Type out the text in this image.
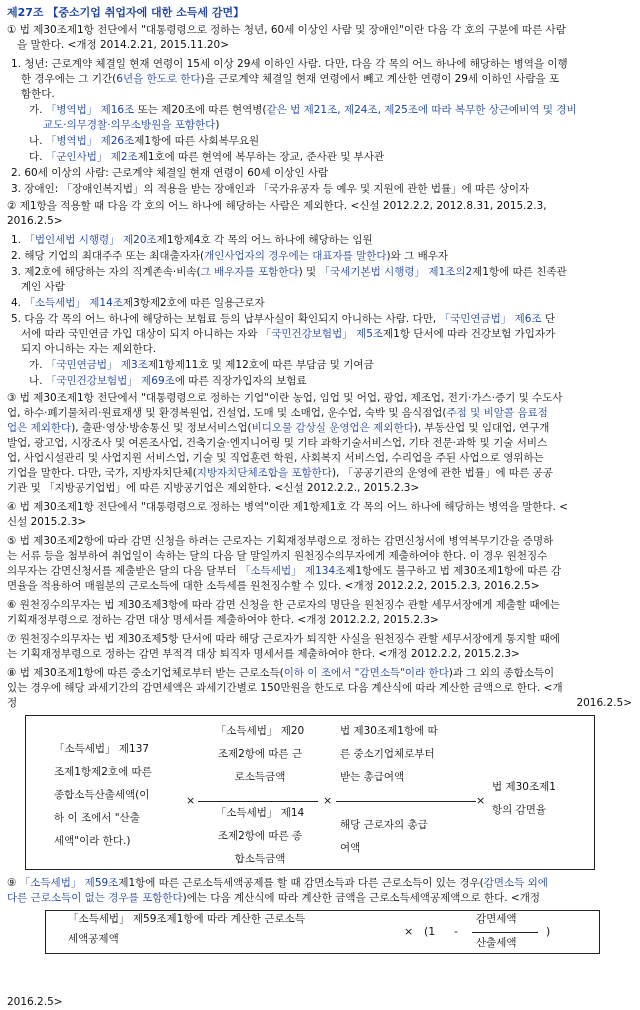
제27조 【중소기업 취업자에 대한 소득세 감면】

① 법 제30조제1항 전단에서 "대통령령으로 정하는 청년, 60세 이상인 사람 및 장애인"이란 다음 각 호의 구분에 따른 사람

을 말한다. <개정 2014.2.21, 2015.11.20>

1. 청년: 근로계약 체결일 현재 연령이 15세 이상 29세 이하인 사람. 다만, 다음 각 목의 어느 하나에 해당하는 병역을 이행

한 경우에는 그 기간(6년을 한도로 한다)을 근로계약 체결일 현재 연령에서 빼고 계산한 연령이 29세 이하인 사람을 포

함한다.

가. 「병역법」 제16조 또는 제20조에 따른 현역병(같은 법 제21조, 제24조, 제25조에 따라 복무한 상근예비역 및 경비

교도·의무경찰·의무소방원을 포함한다)

나. 「병역법」 제26조제1항에 따른 사회복무요원

다. 「군인사법」 제2조제1호에 따른 현역에 복무하는 장교, 준사관 및 부사관

2. 60세 이상의 사람: 근로계약 체결일 현재 연령이 60세 이상인 사람

3. 장애인: 「장애인복지법」의 적용을 받는 장애인과 「국가유공자 등 예우 및 지원에 관한 법률」에 따른 상이자

② 제1항을 적용할 때 다음 각 호의 어느 하나에 해당하는 사람은 제외한다. <신설 2012.2.2, 2012.8.31, 2015.2.3,

2016.2.5>

1. 「법인세법 시행령」 제20조제1항제4호 각 목의 어느 하나에 해당하는 임원

2. 해당 기업의 최대주주 또는 최대출자자(개인사업자의 경우에는 대표자를 말한다)와 그 배우자

3. 제2호에 해당하는 자의 직계존속·비속(그 배우자를 포함한다) 및 「국세기본법 시행령」 제1조의2제1항에 따른 친족관

계인 사람

4. 「소득세법」 제14조제3항제2호에 따른 일용근로자

5. 다음 각 목의 어느 하나에 해당하는 보험료 등의 납부사실이 확인되지 아니하는 사람. 다만, 「국민연금법」 제6조 단

서에 따라 국민연금 가입 대상이 되지 아니하는 자와 「국민건강보험법」 제5조제1항 단서에 따라 건강보험 가입자가

되지 아니하는 자는 제외한다.

가. 「국민연금법」 제3조제1항제11호 및 제12호에 따른 부담금 및 기여금

나. 「국민건강보험법」 제69조에 따른 직장가입자의 보험료

③ 법 제30조제1항 전단에서 "대통령령으로 정하는 기업"이란 농업, 임업 및 어업, 광업, 제조업, 전기·가스·증기 및 수도사

업, 하수·폐기물처리·원료재생 및 환경복원업, 건설업, 도매 및 소매업, 운수업, 숙박 및 음식점업(주점 및 비알콜 음료점

업은 제외한다), 출판·영상·방송통신 및 정보서비스업(비디오물 감상실 운영업은 제외한다), 부동산업 및 임대업, 연구개

발업, 광고업, 시장조사 및 여론조사업, 건축기술·엔지니어링 및 기타 과학기술서비스업, 기타 전문·과학 및 기술 서비스

업, 사업시설관리 및 사업지원 서비스업, 기술 및 직업훈련 학원, 사회복지 서비스업, 수리업을 주된 사업으로 영위하는

기업을 말한다. 다만, 국가, 지방자치단체(지방자치단체조합을 포함한다), 「공공기관의 운영에 관한 법률」에 따른 공공

기관 및 「지방공기업법」에 따른 지방공기업은 제외한다. <신설 2012.2.2., 2015.2.3>

④ 법 제30조제1항 전단에서 "대통령령으로 정하는 병역"이란 제1항제1호 각 목의 어느 하나에 해당하는 병역을 말한다. <

신설 2015.2.3>

⑤ 법 제30조제2항에 따라 감면 신청을 하려는 근로자는 기획재정부령으로 정하는 감면신청서에 병역복무기간을 증명하

는 서류 등을 첨부하여 취업일이 속하는 달의 다음 달 말일까지 원천징수의무자에게 제출하여야 한다. 이 경우 원천징수

의무자는 감면신청서를 제출받은 달의 다음 달부터 「소득세법」 제134조제1항에도 불구하고 법 제30조제1항에 따른 감

면율을 적용하여 매월분의 근로소득에 대한 소득세를 원천징수할 수 있다. <개정 2012.2.2, 2015.2.3, 2016.2.5>

⑥ 원천징수의무자는 법 제30조제3항에 따라 감면 신청을 한 근로자의 명단을 원천징수 관할 세무서장에게 제출할 때에는

기획재정부령으로 정하는 감면 대상 명세서를 제출하여야 한다. <개정 2012.2.2, 2015.2.3>

⑦ 원천징수의무자는 법 제30조제5항 단서에 따라 해당 근로자가 퇴직한 사실을 원천징수 관할 세무서장에게 통지할 때에

는 기획재정부령으로 정하는 감면 부적격 대상 퇴직자 명세서를 제출하여야 한다. <개정 2012.2.2, 2015.2.3>

⑧ 법 제30조제1항에 따른 중소기업체로부터 받는 근로소득(이하 이 조에서 "감면소득"이라 한다)과 그 외의 종합소득이

있는 경우에 해당 과세기간의 감면세액은 과세기간별로 150만원을 한도로 다음 계산식에 따라 계산한 금액으로 한다. <개

정	2016.2.5>

「소득세법」 제137
조제1항제2호에 따른
종합소득산출세액(이
하 이 조에서 "산출
세액"이라 한다.)
×
「소득세법」 제20
조제2항에 따른 근
로소득금액
「소득세법」 제14
조제2항에 따른 종
합소득금액
×
법 제30조제1항에 따
른 중소기업체로부터
받는 총급여액
해당 근로자의 총급
여액
×
법 제30조제1
항의 감면율

⑨ 「소득세법」 제59조제1항에 따른 근로소득세액공제를 할 때 감면소득과 다른 근로소득이 있는 경우(감면소득 외에

다른 근로소득이 없는 경우를 포함한다)에는 다음 계산식에 따라 계산한 금액을 근로소득세액공제액으로 한다. <개정

「소득세법」 제59조제1항에 따라 계산한 근로소득
세액공제액
× (1 -
감면세액
산출세액
)

2016.2.5>
